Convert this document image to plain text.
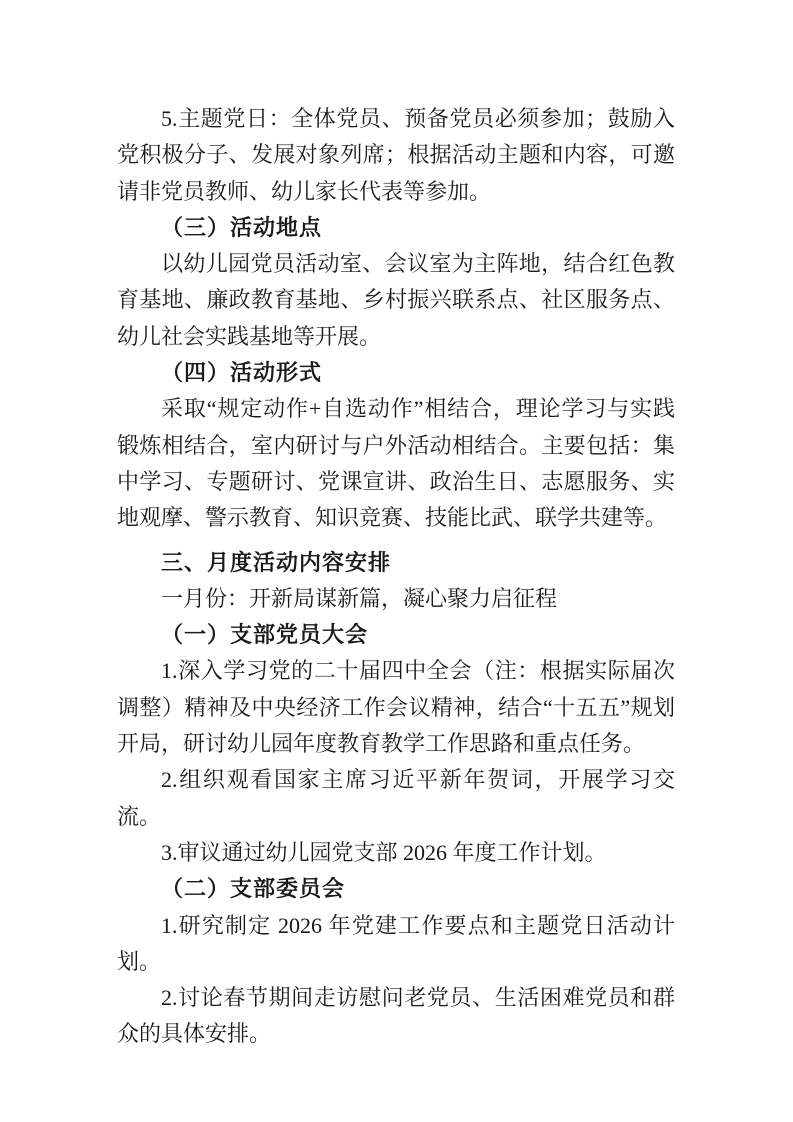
5.主题党日：全体党员、预备党员必须参加；鼓励入党积极分子、发展对象列席；根据活动主题和内容，可邀请非党员教师、幼儿家长代表等参加。

（三）活动地点

以幼儿园党员活动室、会议室为主阵地，结合红色教育基地、廉政教育基地、乡村振兴联系点、社区服务点、幼儿社会实践基地等开展。

（四）活动形式

采取“规定动作+自选动作”相结合，理论学习与实践锻炼相结合，室内研讨与户外活动相结合。主要包括：集中学习、专题研讨、党课宣讲、政治生日、志愿服务、实地观摩、警示教育、知识竞赛、技能比武、联学共建等。

三、月度活动内容安排

一月份：开新局谋新篇，凝心聚力启征程

（一）支部党员大会

1.深入学习党的二十届四中全会（注：根据实际届次调整）精神及中央经济工作会议精神，结合“十五五”规划开局，研讨幼儿园年度教育教学工作思路和重点任务。

2.组织观看国家主席习近平新年贺词，开展学习交流。

3.审议通过幼儿园党支部 2026 年度工作计划。

（二）支部委员会

1.研究制定 2026 年党建工作要点和主题党日活动计划。

2.讨论春节期间走访慰问老党员、生活困难党员和群众的具体安排。
